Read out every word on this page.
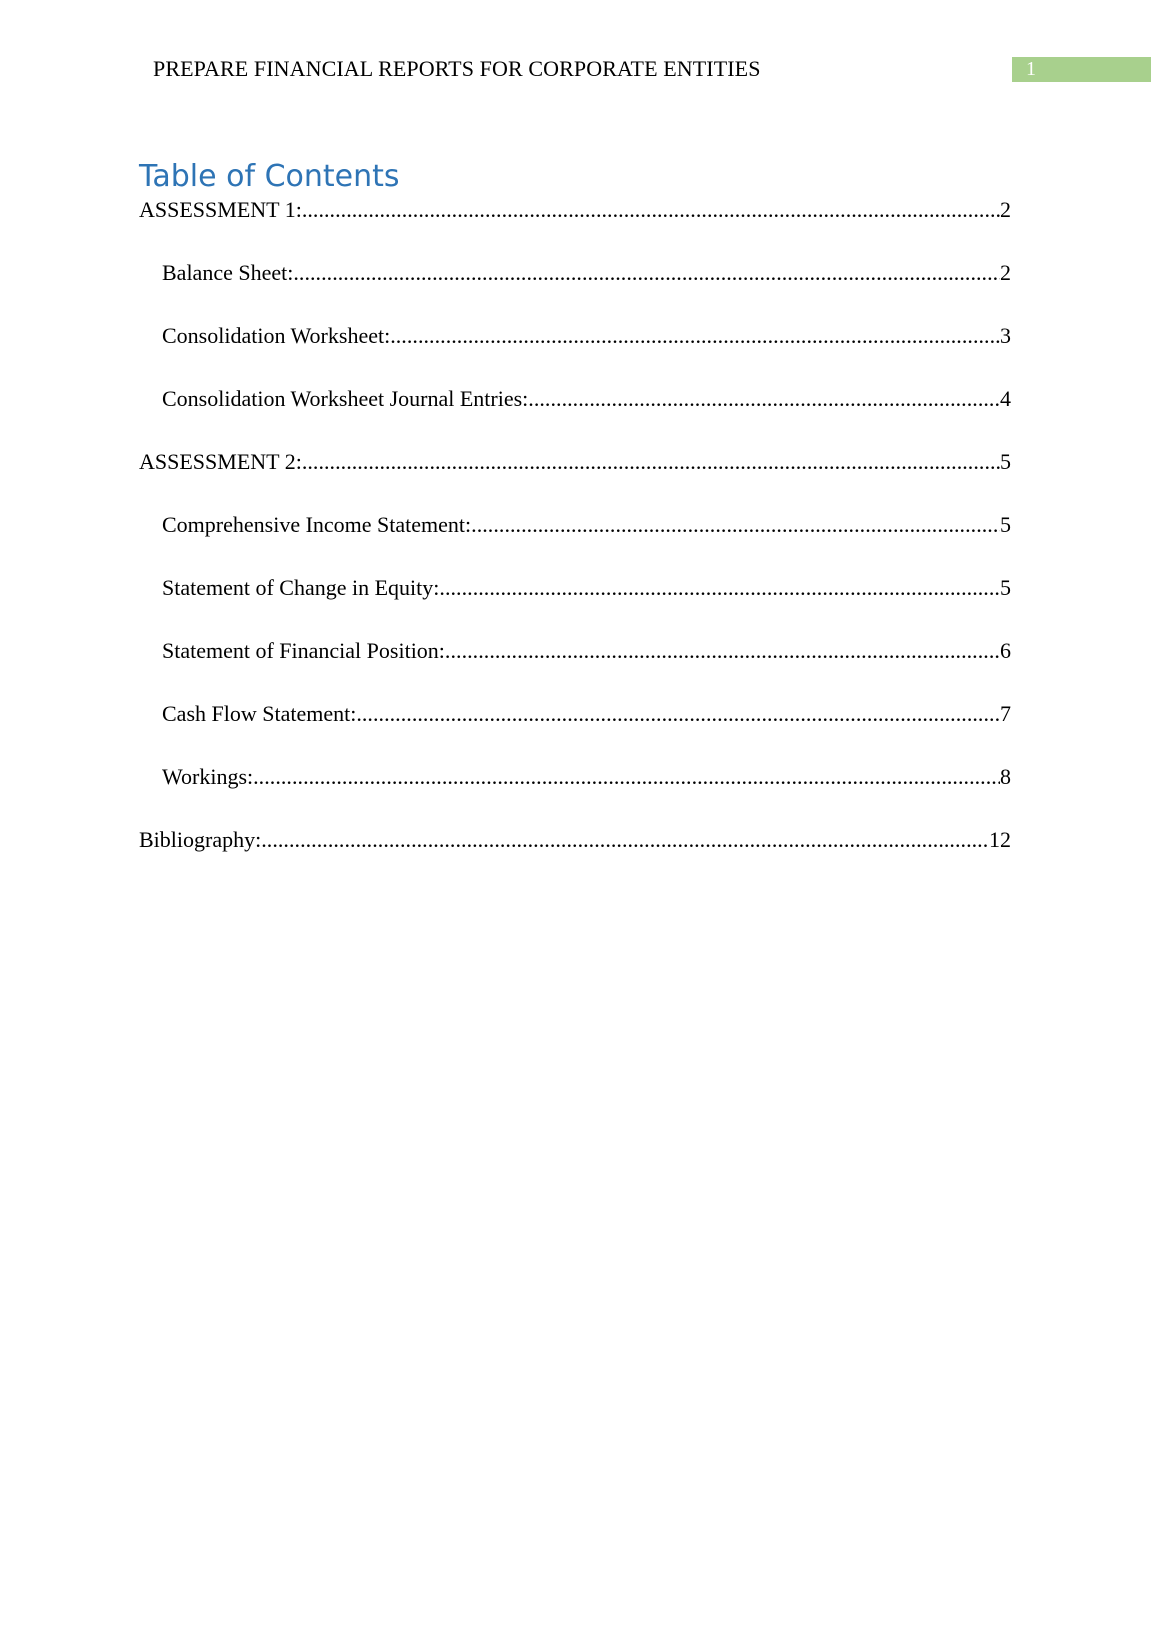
PREPARE FINANCIAL REPORTS FOR CORPORATE ENTITIES	1
Table of Contents
ASSESSMENT 1: .....	2
Balance Sheet: .....	2
Consolidation Worksheet: .....	3
Consolidation Worksheet Journal Entries: .....	4
ASSESSMENT 2: .....	5
Comprehensive Income Statement: .....	5
Statement of Change in Equity: .....	5
Statement of Financial Position: .....	6
Cash Flow Statement: .....	7
Workings: .....	8
Bibliography: .....	12
